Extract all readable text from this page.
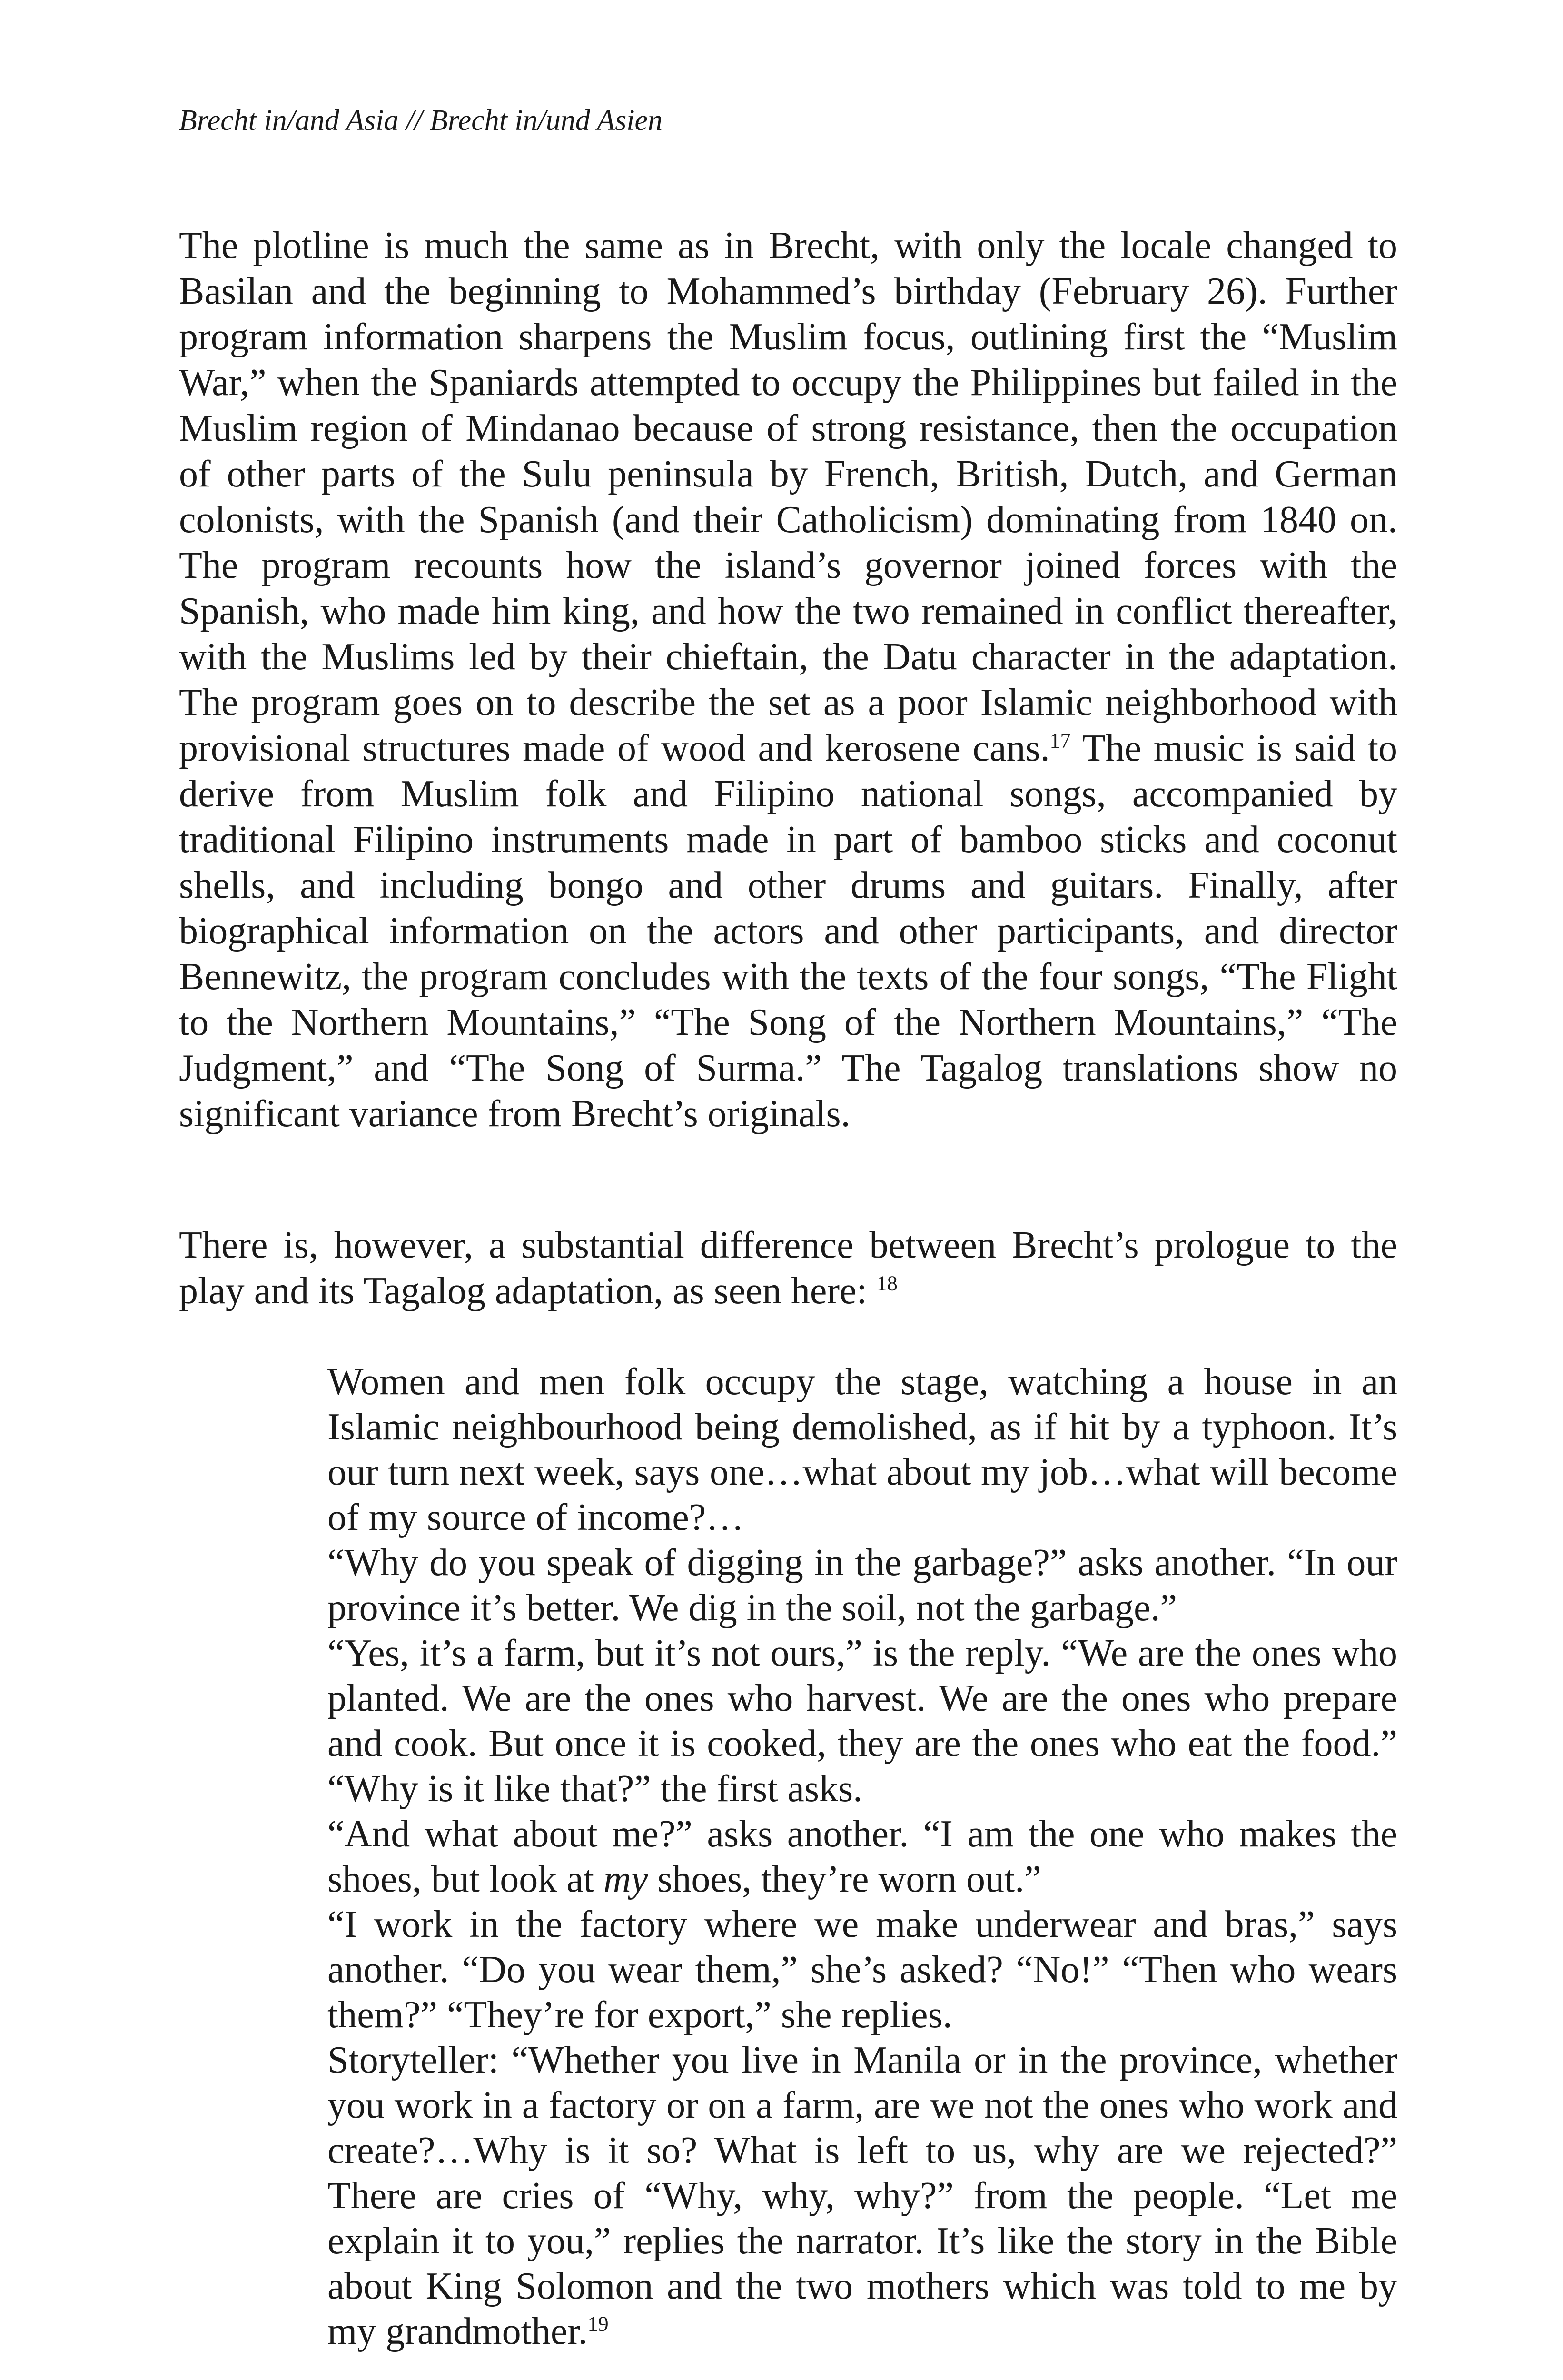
Brecht in/and Asia // Brecht in/und Asien

The plotline is much the same as in Brecht, with only the locale changed to Basilan and the beginning to Mohammed’s birthday (February 26). Further program information sharpens the Muslim focus, outlining first the “Muslim War,” when the Spaniards attempted to occupy the Philippines but failed in the Muslim region of Mindanao because of strong resistance, then the occupation of other parts of the Sulu peninsula by French, British, Dutch, and German colonists, with the Spanish (and their Catholicism) dominating from 1840 on. The program recounts how the island’s governor joined forces with the Spanish, who made him king, and how the two remained in conflict thereafter, with the Muslims led by their chieftain, the Datu character in the adaptation. The program goes on to describe the set as a poor Islamic neighborhood with provisional structures made of wood and kerosene cans.$^{17}$ The music is said to derive from Muslim folk and Filipino national songs, accompanied by traditional Filipino instruments made in part of bamboo sticks and coconut shells, and including bongo and other drums and guitars. Finally, after biographical information on the actors and other participants, and director Bennewitz, the program concludes with the texts of the four songs, “The Flight to the Northern Mountains,” “The Song of the Northern Mountains,” “The Judgment,” and “The Song of Surma.” The Tagalog translations show no significant variance from Brecht’s originals.

There is, however, a substantial difference between Brecht’s prologue to the play and its Tagalog adaptation, as seen here: $^{18}$

Women and men folk occupy the stage, watching a house in an Islamic neighbourhood being demolished, as if hit by a typhoon. It’s our turn next week, says one…what about my job…what will become of my source of income?…

“Why do you speak of digging in the garbage?” asks another. “In our province it’s better. We dig in the soil, not the garbage.”

“Yes, it’s a farm, but it’s not ours,” is the reply. “We are the ones who planted. We are the ones who harvest. We are the ones who prepare and cook. But once it is cooked, they are the ones who eat the food.” “Why is it like that?” the first asks.

“And what about me?” asks another. “I am the one who makes the shoes, but look at my shoes, they’re worn out.”

“I work in the factory where we make underwear and bras,” says another. “Do you wear them,” she’s asked? “No!” “Then who wears them?” “They’re for export,” she replies.

Storyteller: “Whether you live in Manila or in the province, whether you work in a factory or on a farm, are we not the ones who work and create?…Why is it so? What is left to us, why are we rejected?” There are cries of “Why, why, why?” from the people. “Let me explain it to you,” replies the narrator. It’s like the story in the Bible about King Solomon and the two mothers which was told to me by my grandmother.$^{19}$
